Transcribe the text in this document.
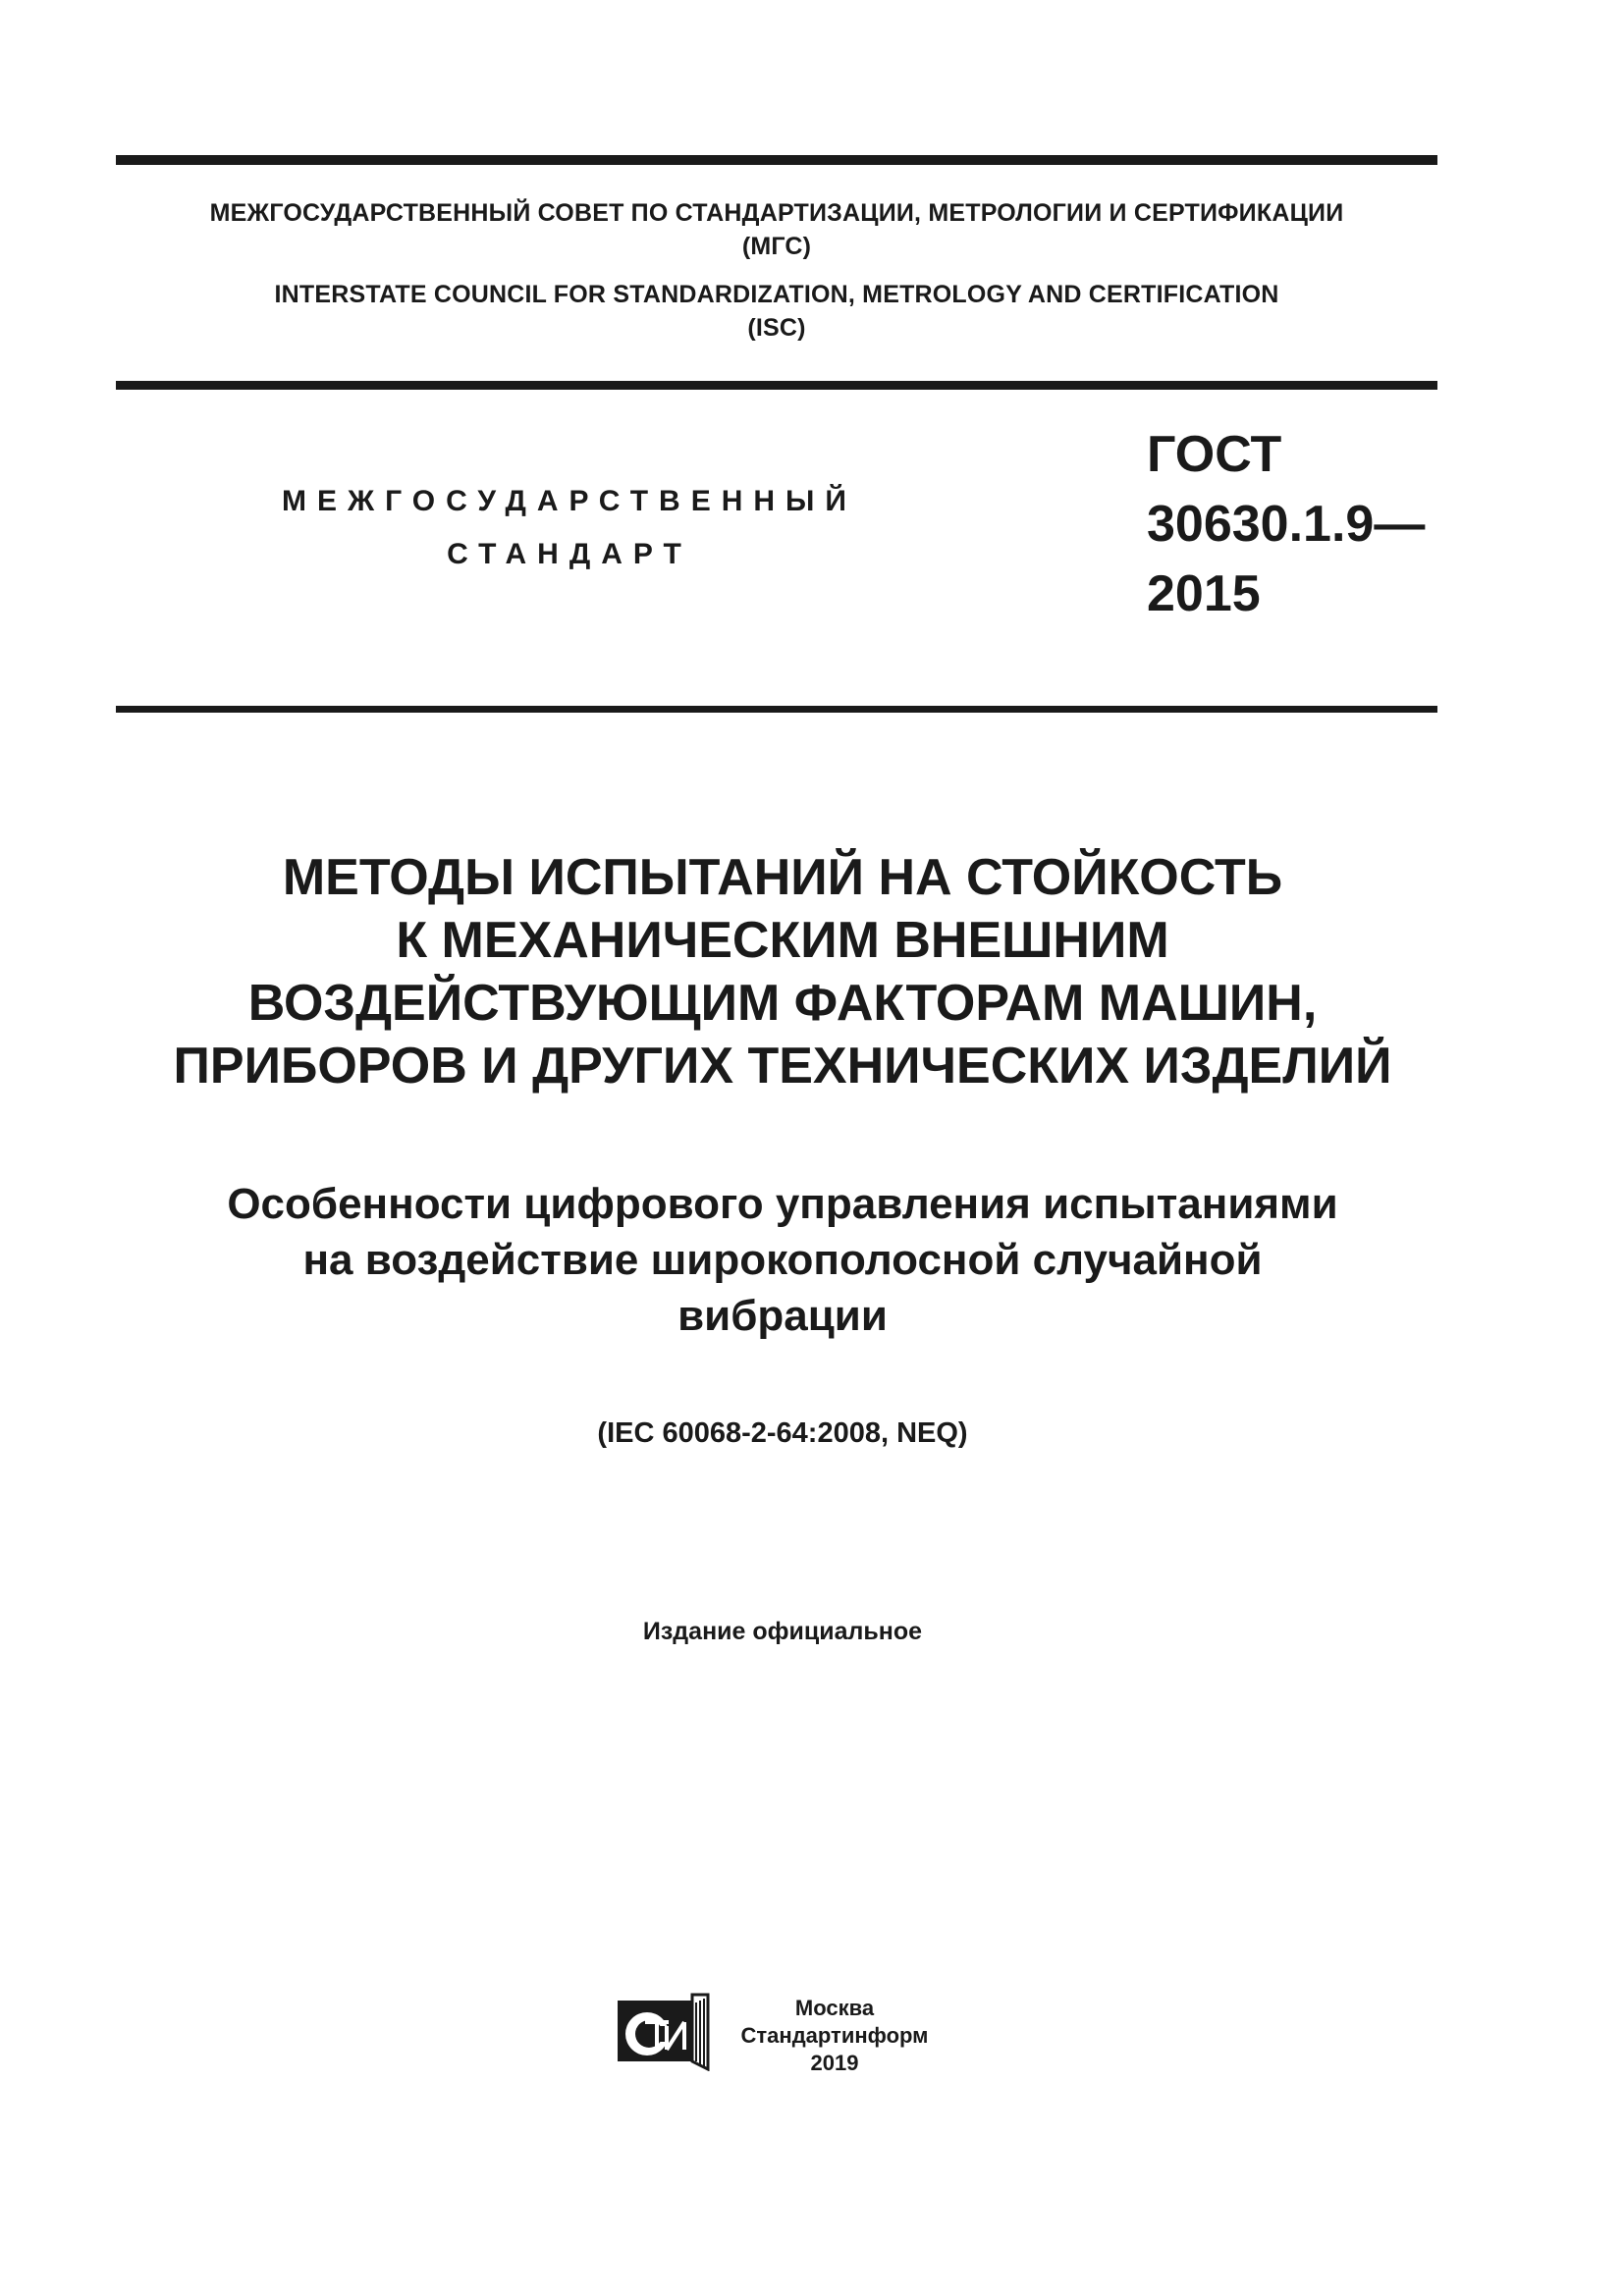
МЕЖГОСУДАРСТВЕННЫЙ СОВЕТ ПО СТАНДАРТИЗАЦИИ, МЕТРОЛОГИИ И СЕРТИФИКАЦИИ
(МГС)
INTERSTATE COUNCIL FOR STANDARDIZATION, METROLOGY AND CERTIFICATION
(ISC)
МЕЖГОСУДАРСТВЕННЫЙ
СТАНДАРТ
ГОСТ
30630.1.9—
2015
МЕТОДЫ ИСПЫТАНИЙ НА СТОЙКОСТЬ
К МЕХАНИЧЕСКИМ ВНЕШНИМ
ВОЗДЕЙСТВУЮЩИМ ФАКТОРАМ МАШИН,
ПРИБОРОВ И ДРУГИХ ТЕХНИЧЕСКИХ ИЗДЕЛИЙ
Особенности цифрового управления испытаниями
на воздействие широкополосной случайной
вибрации
(IEC 60068-2-64:2008, NEQ)
Издание официальное
Москва
Стандартинформ
2019
